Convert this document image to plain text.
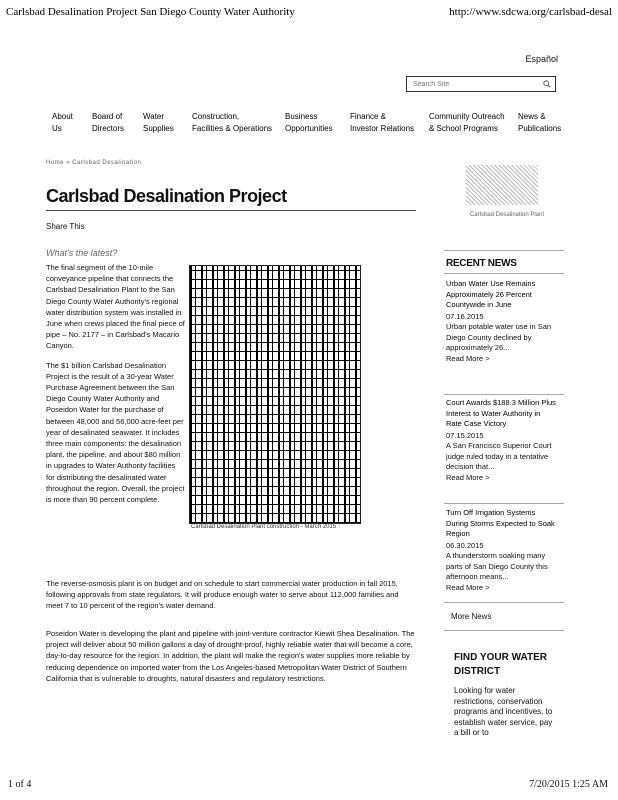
Carlsbad Desalination Project San Diego County Water Authority	http://www.sdcwa.org/carlsbad-desal
Español
Search Site
About
Us
Board of
Directors
Water
Supplies
Construction,
Facilities & Operations
Business
Opportunities
Finance &
Investor Relations
Community Outreach
& School Programs
News &
Publications
Home » Carlsbad Desalination
Carlsbad Desalination Project
Share This
What's the latest?

The final segment of the 10-mile conveyance pipeline that connects the Carlsbad Desalination Plant to the San Diego County Water Authority's regional water distribution system was installed in June when crews placed the final piece of pipe – No. 2177 – in Carlsbad's Macario Canyon.

The $1 billion Carlsbad Desalination Project is the result of a 30-year Water Purchase Agreement between the San Diego County Water Authority and Poseidon Water for the purchase of between 48,000 and 56,000 acre-feet per year of desalinated seawater. It includes three main components: the desalination plant, the pipeline, and about $80 million in upgrades to Water Authority facilities for distributing the desalinated water throughout the region. Overall, the project is more than 90 percent complete.

Carlsbad Desalination Plant construction - March 2015
The reverse-osmosis plant is on budget and on schedule to start commercial water production in fall 2015, following approvals from state regulators. It will produce enough water to serve about 112,000 families and meet 7 to 10 percent of the region's water demand.
Poseidon Water is developing the plant and pipeline with joint-venture contractor Kiewit Shea Desalination. The project will deliver about 50 million gallons a day of drought-proof, highly reliable water that will become a core, day-to-day resource for the region. In addition, the plant will make the region's water supplies more reliable by reducing dependence on imported water from the Los Angeles-based Metropolitan Water District of Southern California that is vulnerable to droughts, natural disasters and regulatory restrictions.
Carlsbad Desalination Plant
RECENT NEWS
Urban Water Use Remains Approximately 26 Percent Countywide in June
07.16.2015
Urban potable water use in San Diego County declined by approximately 26...
Read More >
Court Awards $188.3 Million Plus Interest to Water Authority in Rate Case Victory
07.15.2015
A San Francisco Superior Court judge ruled today in a tentative decision that...
Read More >
Turn Off Irrigation Systems During Storms Expected to Soak Region
06.30.2015
A thunderstorm soaking many parts of San Diego County this afternoon means...
Read More >
More News
FIND YOUR WATER DISTRICT
Looking for water restrictions, conservation programs and incentives, to establish water service, pay a bill or to
1 of 4	7/20/2015 1:25 AM
